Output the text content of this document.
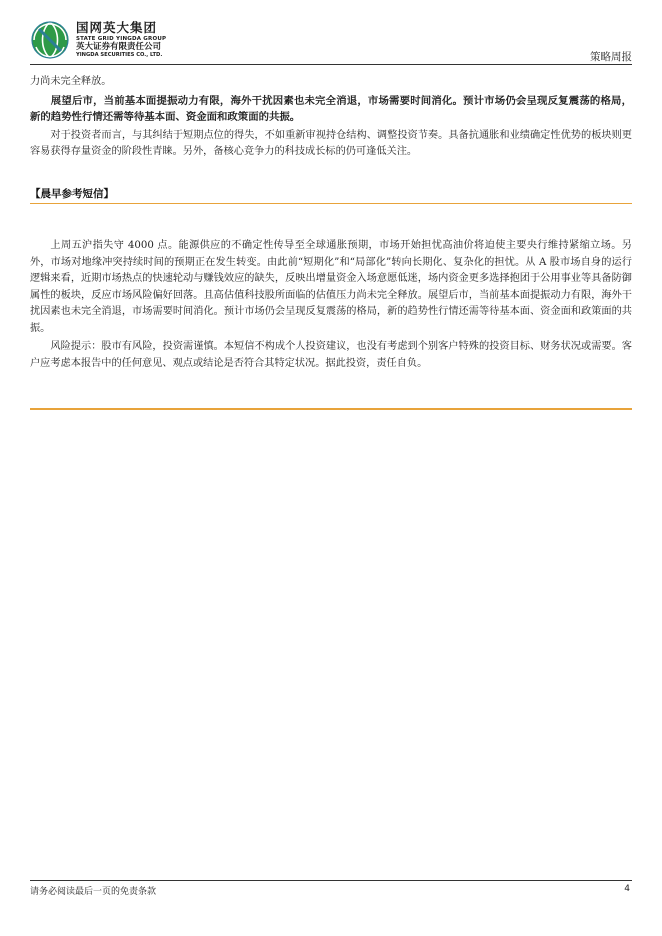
国网英大集团
STATE GRID YINGDA GROUP
英大证券有限责任公司
YINGDA SECURITIES CO., LTD.	策略周报

力尚未完全释放。

展望后市，当前基本面提振动力有限，海外干扰因素也未完全消退，市场需要时间消化。预计市场仍会呈现反复震荡的格局，新的趋势性行情还需等待基本面、资金面和政策面的共振。

对于投资者而言，与其纠结于短期点位的得失，不如重新审视持仓结构、调整投资节奏。具备抗通胀和业绩确定性优势的板块则更容易获得存量资金的阶段性青睐。另外，备核心竞争力的科技成长标的仍可逢低关注。

【晨早参考短信】

上周五沪指失守 4000 点。能源供应的不确定性传导至全球通胀预期，市场开始担忧高油价将迫使主要央行维持紧缩立场。另外，市场对地缘冲突持续时间的预期正在发生转变。由此前“短期化”和“局部化”转向长期化、复杂化的担忧。从 A 股市场自身的运行逻辑来看，近期市场热点的快速轮动与赚钱效应的缺失，反映出增量资金入场意愿低迷，场内资金更多选择抱团于公用事业等具备防御属性的板块，反应市场风险偏好回落。且高估值科技股所面临的估值压力尚未完全释放。展望后市，当前基本面提振动力有限，海外干扰因素也未完全消退，市场需要时间消化。预计市场仍会呈现反复震荡的格局，新的趋势性行情还需等待基本面、资金面和政策面的共振。

风险提示：股市有风险，投资需谨慎。本短信不构成个人投资建议，也没有考虑到个别客户特殊的投资目标、财务状况或需要。客户应考虑本报告中的任何意见、观点或结论是否符合其特定状况。据此投资，责任自负。

请务必阅读最后一页的免责条款	4
